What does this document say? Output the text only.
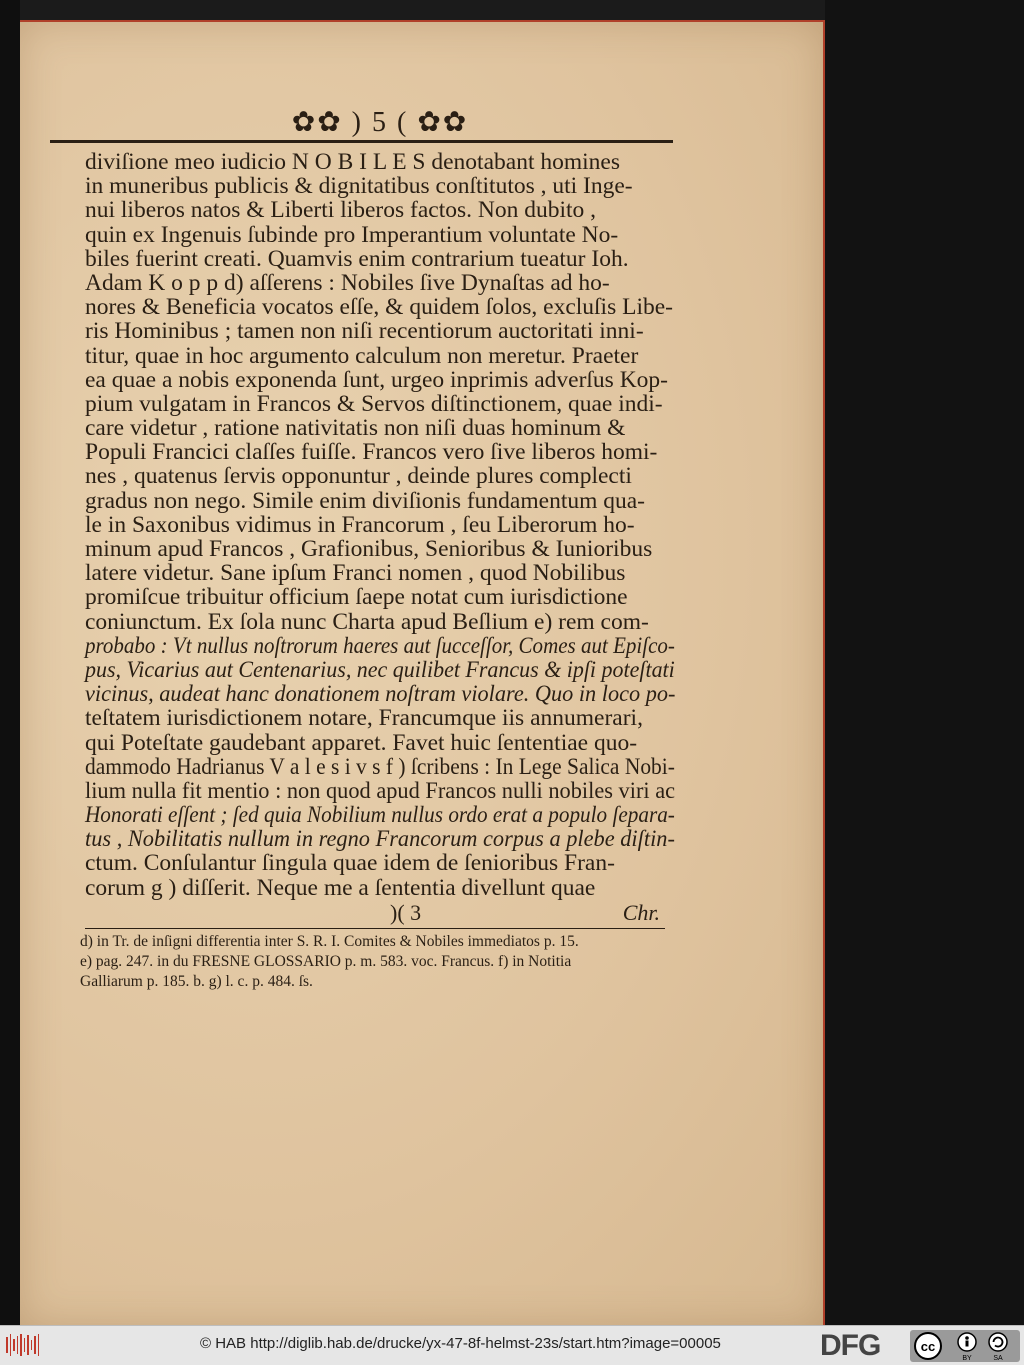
✿✿ ) 5 ( ✿✿
diviſione meo iudicio N O B I L E S denotabant homines
in muneribus publicis & dignitatibus conſtitutos , uti Inge-
nui liberos natos & Liberti liberos factos. Non dubito ,
quin ex Ingenuis ſubinde pro Imperantium voluntate No-
biles fuerint creati. Quamvis enim contrarium tueatur Ioh.
Adam K o p p d) aſſerens : Nobiles ſive Dynaſtas ad ho-
nores & Beneficia vocatos eſſe, & quidem ſolos, excluſis Libe-
ris Hominibus ; tamen non niſi recentiorum auctoritati inni-
titur, quae in hoc argumento calculum non meretur. Praeter
ea quae a nobis exponenda ſunt, urgeo inprimis adverſus Kop-
pium vulgatam in Francos & Servos diſtinctionem, quae indi-
care videtur , ratione nativitatis non niſi duas hominum &
Populi Francici claſſes fuiſſe. Francos vero ſive liberos homi-
nes , quatenus ſervis opponuntur , deinde plures complecti
gradus non nego. Simile enim diviſionis fundamentum qua-
le in Saxonibus vidimus in Francorum , ſeu Liberorum ho-
minum apud Francos , Grafionibus, Senioribus & Iunioribus
latere videtur. Sane ipſum Franci nomen , quod Nobilibus
promiſcue tribuitur officium ſaepe notat cum iurisdictione
coniunctum. Ex ſola nunc Charta apud Beſlium e) rem com-
probabo : Vt nullus noſtrorum haeres aut ſucceſſor, Comes aut Epiſco-
pus, Vicarius aut Centenarius, nec quilibet Francus & ipſi poteſtati
vicinus, audeat hanc donationem noſtram violare. Quo in loco po-
teſtatem iurisdictionem notare, Francumque iis annumerari,
qui Poteſtate gaudebant apparet. Favet huic ſententiae quo-
dammodo Hadrianus V a l e s i v s f ) ſcribens : In Lege Salica Nobi-
lium nulla fit mentio : non quod apud Francos nulli nobiles viri ac
Honorati eſſent ; ſed quia Nobilium nullus ordo erat a populo ſepara-
tus , Nobilitatis nullum in regno Francorum corpus a plebe diſtin-
ctum. Conſulantur ſingula quae idem de ſenioribus Fran-
corum g ) diſſerit. Neque me a ſententia divellunt quae
)( 3	Chr.
d) in Tr. de inſigni differentia inter S. R. I. Comites & Nobiles immediatos p. 15.
e) pag. 247. in du FRESNE GLOSSARIO p. m. 583. voc. Francus. f) in Notitia
Galliarum p. 185. b. g) l. c. p. 484. ſs.
© HAB http://diglib.hab.de/drucke/yx-47-8f-helmst-23s/start.htm?image=00005	DFG	cc
BY	SA
